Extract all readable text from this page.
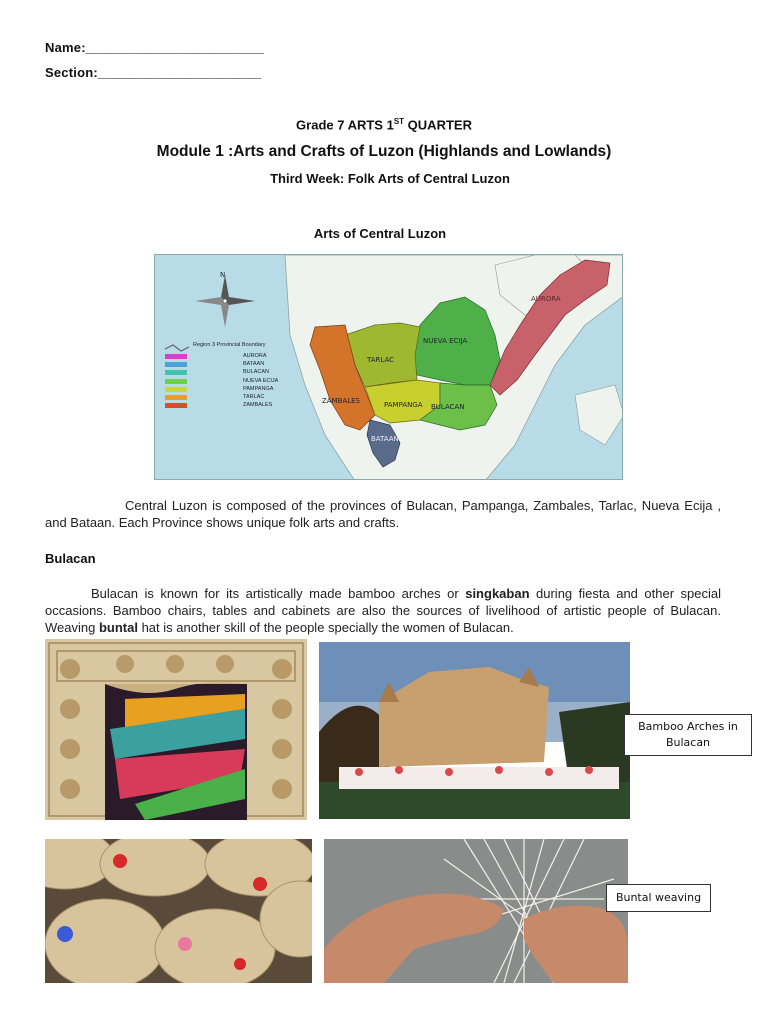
Name:________________________
Section:______________________
Grade 7 ARTS 1ST QUARTER
Module 1 :Arts and Crafts of Luzon (Highlands and Lowlands)
Third Week: Folk Arts of Central Luzon
Arts of Central Luzon
N
Region 3 Provincial Boundary
AURORA
BATAAN
BULACAN
NUEVA ECIJA
PAMPANGA
TARLAC
ZAMBALES
AURORA
NUEVA ECIJA
TARLAC
ZAMBALES	PAMPANGA BULACAN
BATAAN
Central Luzon is composed of the provinces of Bulacan, Pampanga, Zambales, Tarlac, Nueva Ecija , and Bataan. Each Province shows unique folk arts and crafts.
Bulacan
Bulacan is known for its artistically made bamboo arches or singkaban during fiesta and other special occasions. Bamboo chairs, tables and cabinets are also the sources of livelihood of artistic people of Bulacan. Weaving buntal hat is another skill of the people specially the women of Bulacan.
Bamboo Arches in
Bulacan
Buntal weaving
